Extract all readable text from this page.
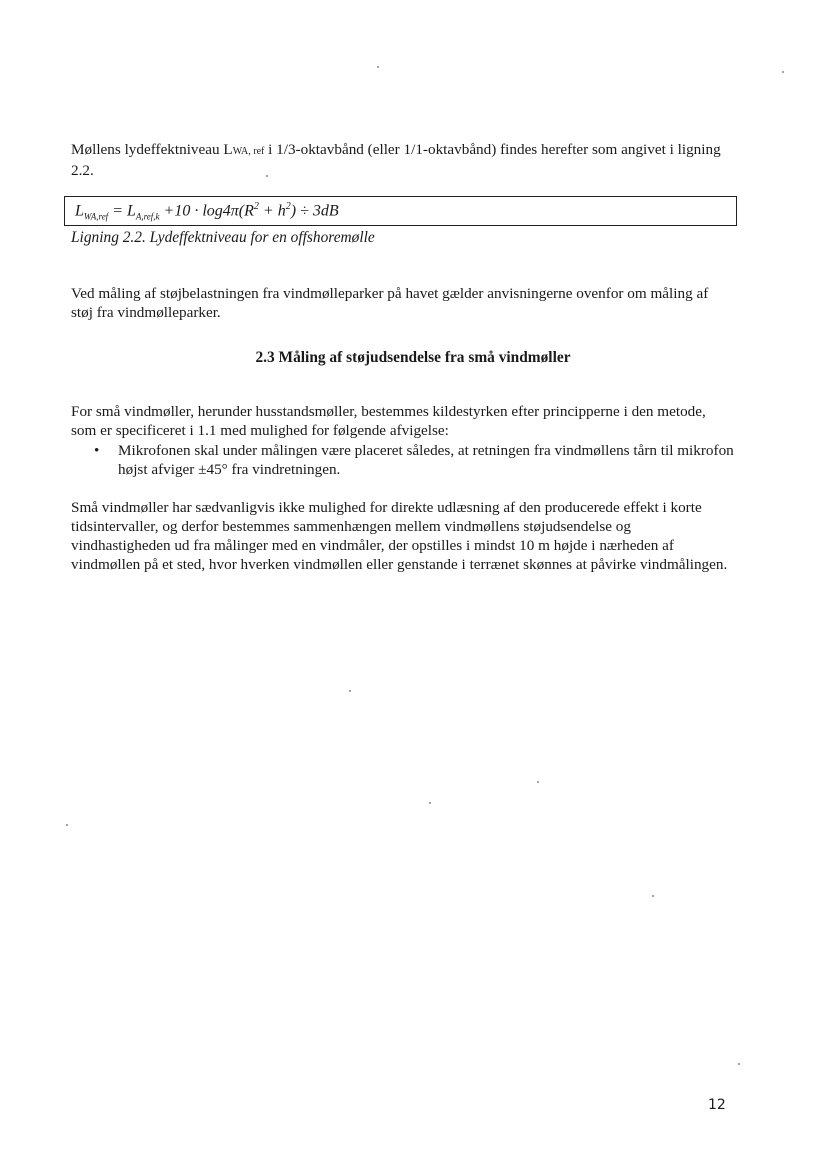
Møllens lydeffektniveau LWA, ref i 1/3-oktavbånd (eller 1/1-oktavbånd) findes herefter som angivet i ligning 2.2.

$L_{WA,ref} = L_{A,ref,k} +10 \cdot \log 4\pi(R^2 + h^2) \div 3dB$

Ligning 2.2. Lydeffektniveau for en offshoremølle

Ved måling af støjbelastningen fra vindmølleparker på havet gælder anvisningerne ovenfor om måling af støj fra vindmølleparker.

2.3 Måling af støjudsendelse fra små vindmøller

For små vindmøller, herunder husstandsmøller, bestemmes kildestyrken efter principperne i den metode, som er specificeret i 1.1 med mulighed for følgende afvigelse:

• Mikrofonen skal under målingen være placeret således, at retningen fra vindmøllens tårn til mikrofon højst afviger ±45° fra vindretningen.

Små vindmøller har sædvanligvis ikke mulighed for direkte udlæsning af den producerede effekt i korte tidsintervaller, og derfor bestemmes sammenhængen mellem vindmøllens støjudsendelse og vindhastigheden ud fra målinger med en vindmåler, der opstilles i mindst 10 m højde i nærheden af vindmøllen på et sted, hvor hverken vindmøllen eller genstande i terrænet skønnes at påvirke vindmålingen.

12
